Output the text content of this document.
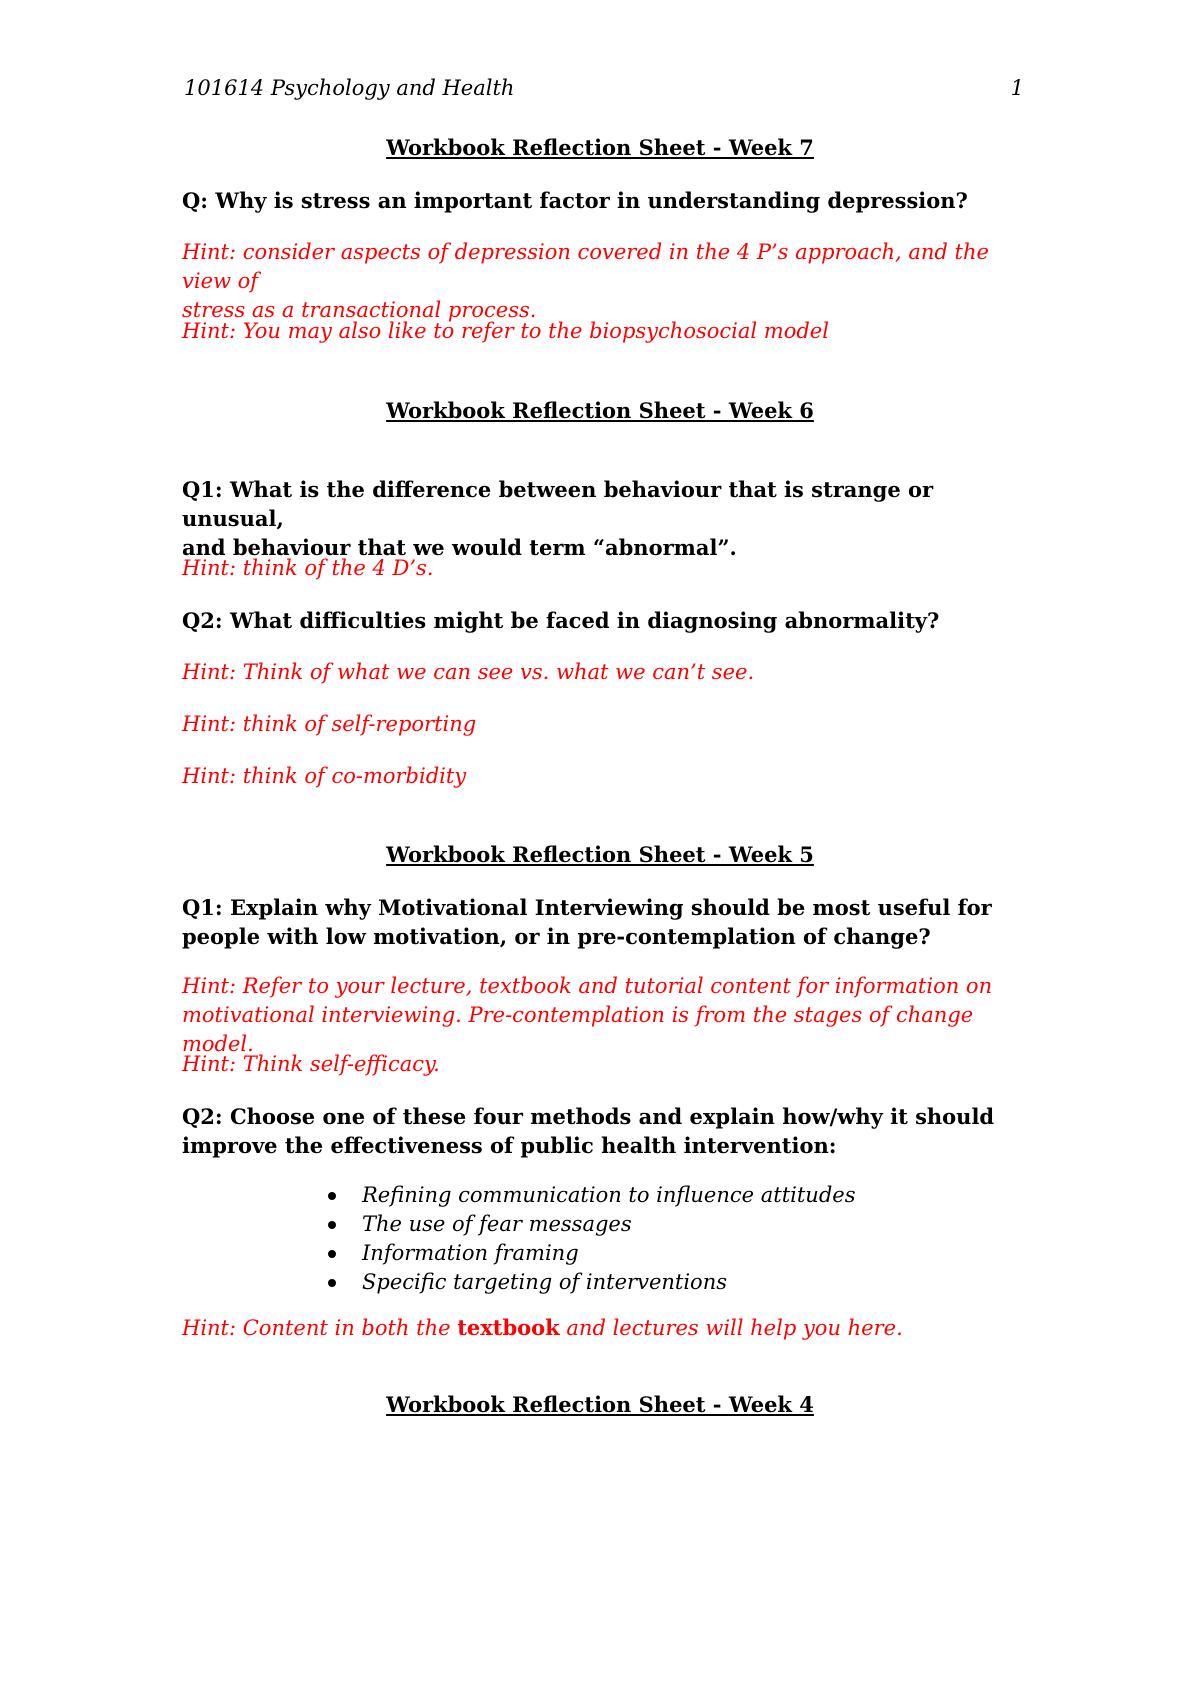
101614 Psychology and Health	1
Workbook Reflection Sheet - Week 7
Q: Why is stress an important factor in understanding depression?
Hint: consider aspects of depression covered in the 4 P’s approach, and the view of
stress as a transactional process.
Hint: You may also like to refer to the biopsychosocial model
Workbook Reflection Sheet - Week 6
Q1: What is the difference between behaviour that is strange or unusual,
and behaviour that we would term “abnormal”.
Hint: think of the 4 D’s.
Q2: What difficulties might be faced in diagnosing abnormality?
Hint: Think of what we can see vs. what we can’t see.
Hint: think of self-reporting
Hint: think of co-morbidity
Workbook Reflection Sheet - Week 5
Q1: Explain why Motivational Interviewing should be most useful for
people with low motivation, or in pre-contemplation of change?
Hint: Refer to your lecture, textbook and tutorial content for information on
motivational interviewing. Pre-contemplation is from the stages of change model.
Hint: Think self-efficacy.
Q2: Choose one of these four methods and explain how/why it should
improve the effectiveness of public health intervention:
Refining communication to influence attitudes
The use of fear messages
Information framing
Specific targeting of interventions
Hint: Content in both the textbook and lectures will help you here.
Workbook Reflection Sheet - Week 4
